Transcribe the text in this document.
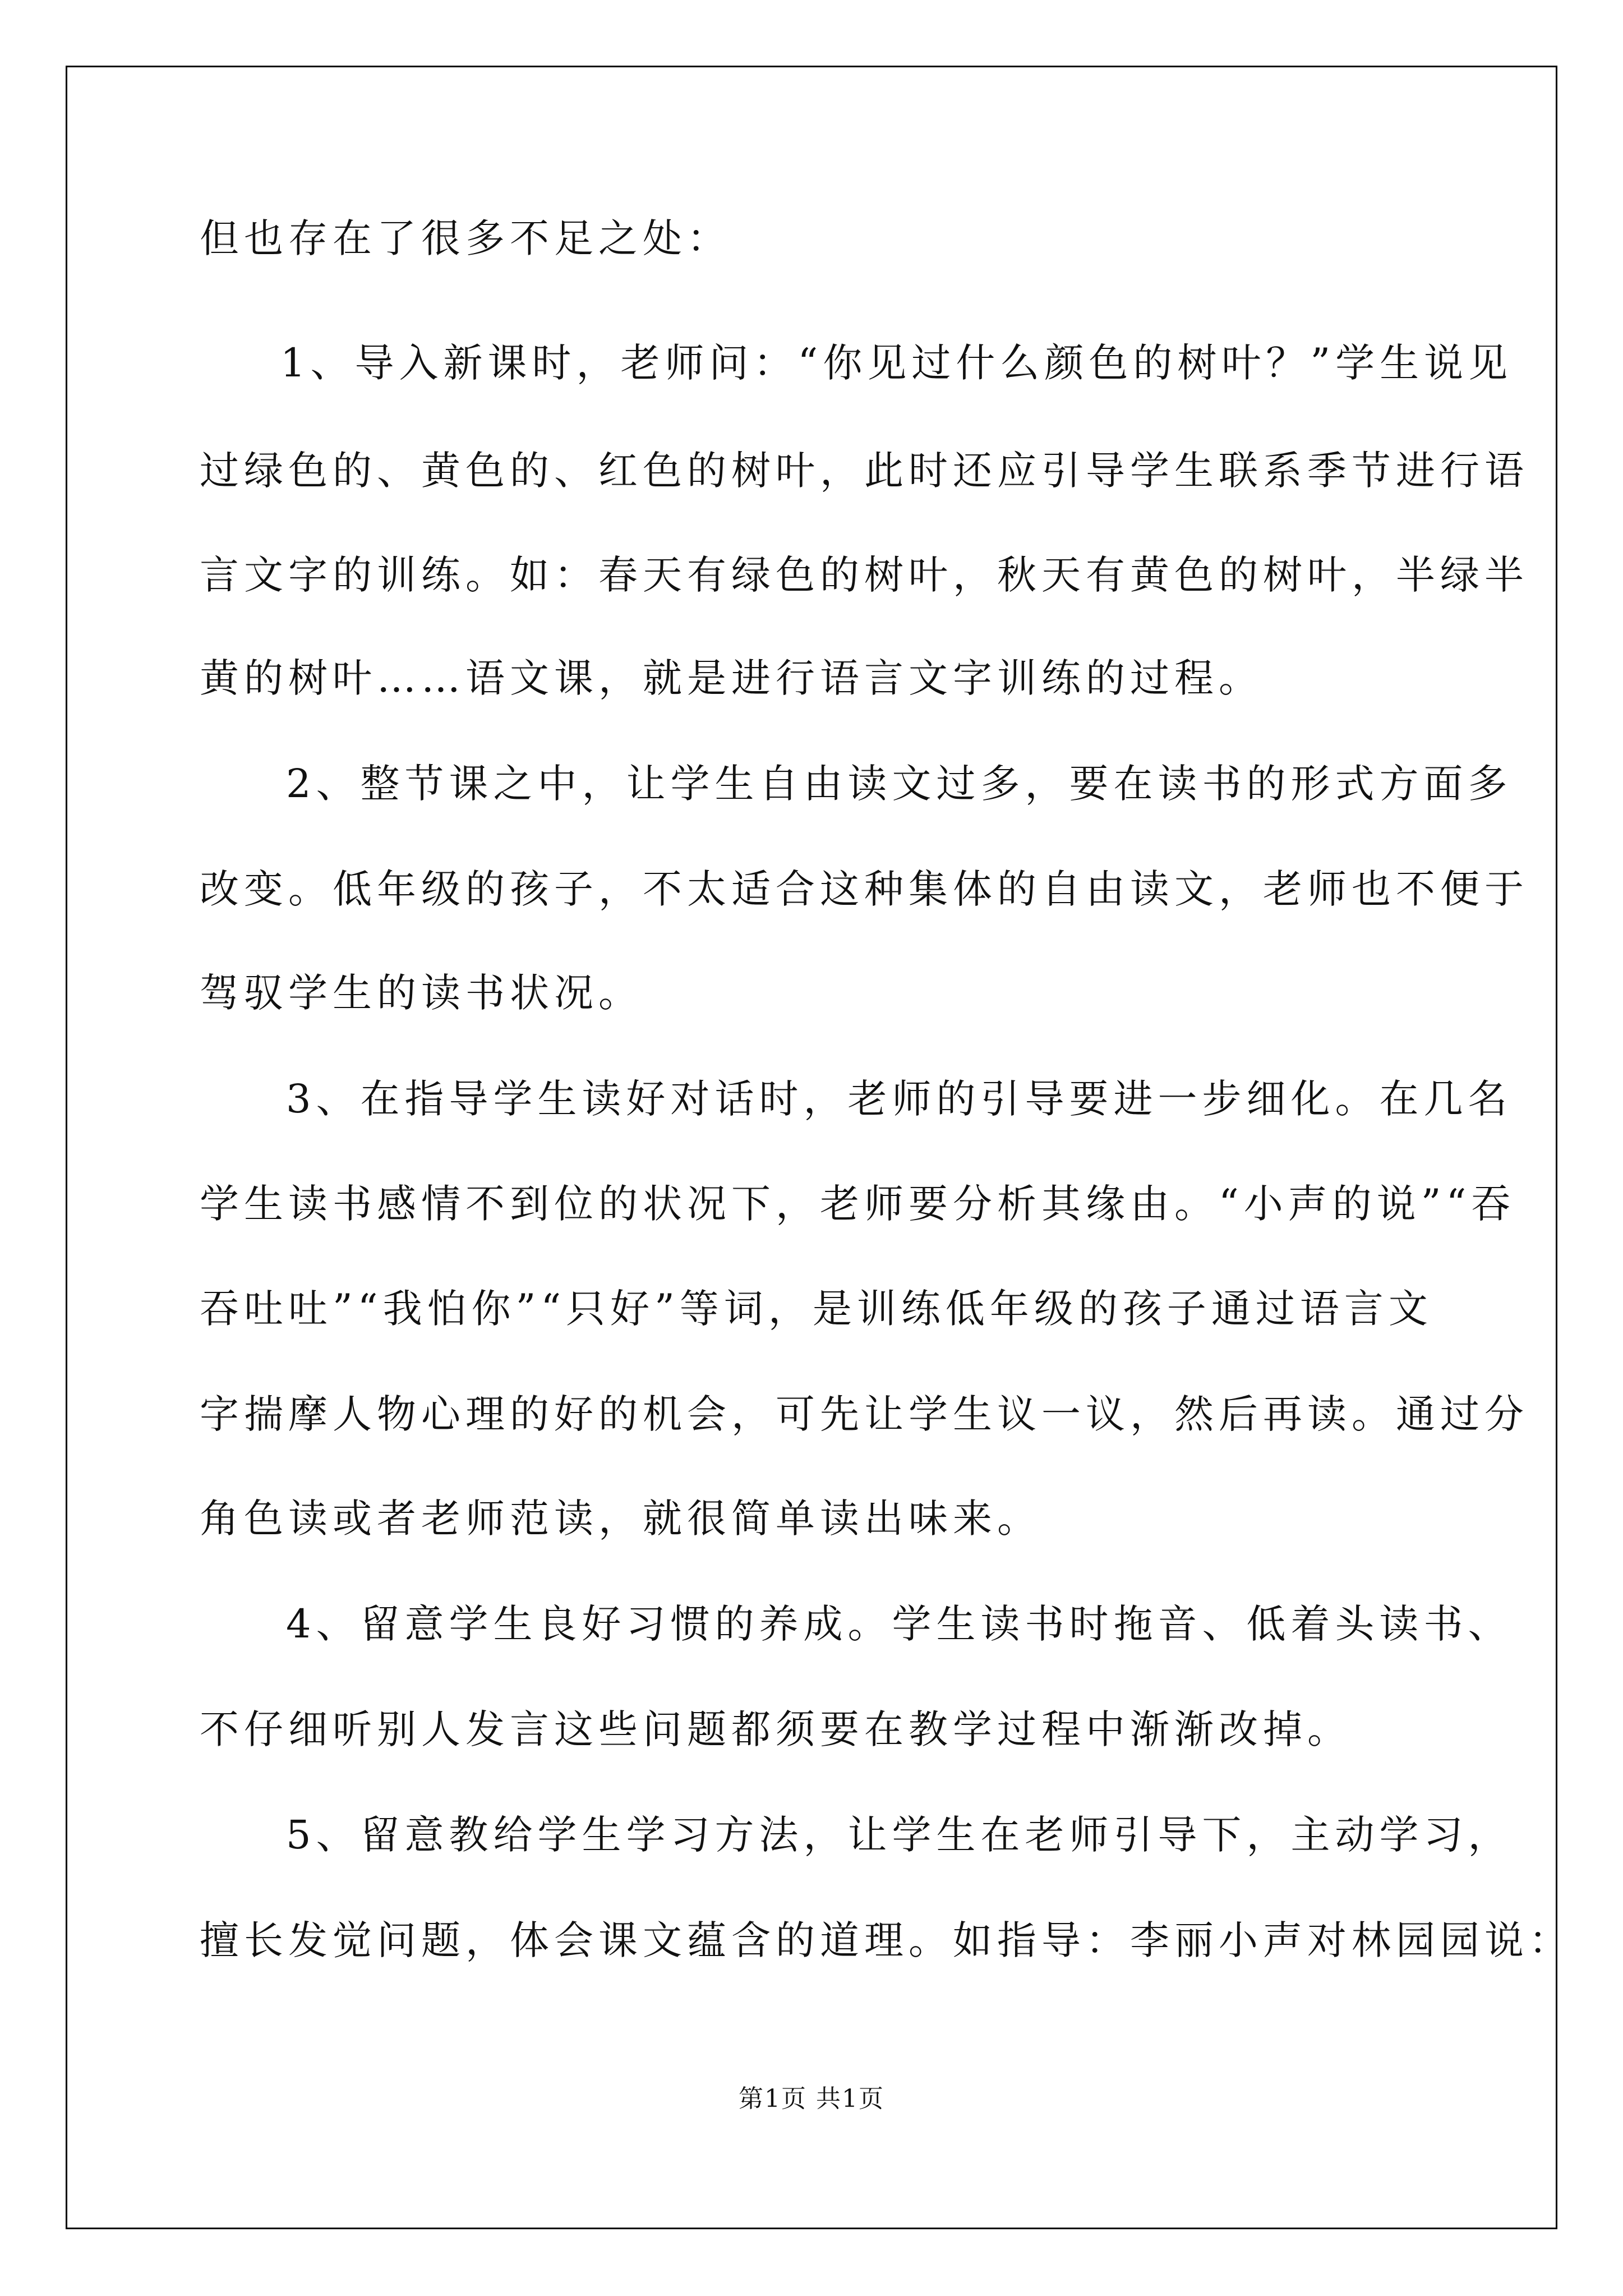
但也存在了很多不足之处：
1、导入新课时，老师问：“你见过什么颜色的树叶？”学生说见
过绿色的、黄色的、红色的树叶，此时还应引导学生联系季节进行语
言文字的训练。如：春天有绿色的树叶，秋天有黄色的树叶，半绿半
黄的树叶……语文课，就是进行语言文字训练的过程。
2、整节课之中，让学生自由读文过多，要在读书的形式方面多
改变。低年级的孩子，不太适合这种集体的自由读文，老师也不便于
驾驭学生的读书状况。
3、在指导学生读好对话时，老师的引导要进一步细化。在几名
学生读书感情不到位的状况下，老师要分析其缘由。“小声的说”“吞
吞吐吐”“我怕你”“只好”等词，是训练低年级的孩子通过语言文
字揣摩人物心理的好的机会，可先让学生议一议，然后再读。通过分
角色读或者老师范读，就很简单读出味来。
4、留意学生良好习惯的养成。学生读书时拖音、低着头读书、
不仔细听别人发言这些问题都须要在教学过程中渐渐改掉。
5、留意教给学生学习方法，让学生在老师引导下，主动学习，
擅长发觉问题，体会课文蕴含的道理。如指导：李丽小声对林园园说：
第1页 共1页
